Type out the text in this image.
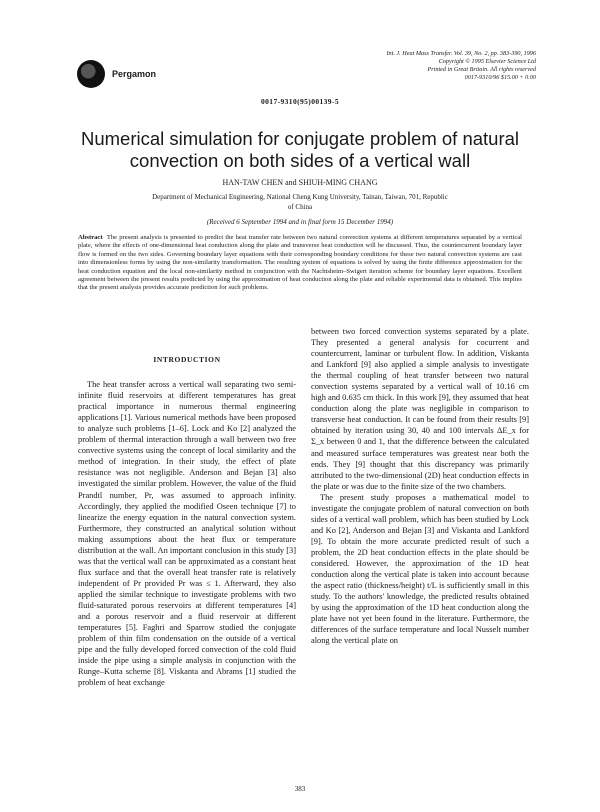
Pergamon
Int. J. Heat Mass Transfer. Vol. 39, No. 2, pp. 383-390, 1996
Copyright © 1995 Elsevier Science Ltd
Printed in Great Britain. All rights reserved
0017-9310/96 $15.00 + 0.00
0017-9310(95)00139-5
Numerical simulation for conjugate problem of natural convection on both sides of a vertical wall
HAN-TAW CHEN and SHIUH-MING CHANG
Department of Mechanical Engineering, National Cheng Kung University, Tainan, Taiwan, 701, Republic of China
(Received 6 September 1994 and in final form 15 December 1994)
Abstract The present analysis is presented to predict the heat transfer rate between two natural convection systems at different temperatures separated by a vertical plate, where the effects of one-dimensional heat conduction along the plate and transverse heat conduction will be discussed. Thus, the countercurrent boundary layer flow is formed on the two sides. Governing boundary layer equations with their corresponding boundary conditions for these two natural convection systems are cast into dimensionless forms by using the non-similarity transformation. The resulting system of equations is solved by using the finite difference approximation for the heat conduction equation and the local non-similarity method in conjunction with the Nachtsheim–Swigert iteration scheme for boundary layer equations. Excellent agreement between the present results predicted by using the approximation of heat conduction along the plate and reliable experimental data is obtained. This implies that the present analysis provides accurate prediction for such problems.
INTRODUCTION

The heat transfer across a vertical wall separating two semi-infinite fluid reservoirs at different temperatures has great practical importance in numerous thermal engineering applications [1]. Various numerical methods have been proposed to analyze such problems [1–6]. Lock and Ko [2] analyzed the problem of thermal interaction through a wall between two free convective systems using the concept of local similarity and the method of integration. In their study, the effect of plate resistance was not negligible. Anderson and Bejan [3] also investigated the similar problem. However, the value of the fluid Prandtl number, Pr, was assumed to approach infinity. Accordingly, they applied the modified Oseen technique [7] to linearize the energy equation in the natural convection system. Furthermore, they constructed an analytical solution without making assumptions about the heat flux or temperature distribution at the wall. An important conclusion in this study [3] was that the vertical wall can be approximated as a constant heat flux surface and that the overall heat transfer rate is relatively independent of Pr provided Pr was ≤ 1. Afterward, they also applied the similar technique to investigate problems with two fluid-saturated porous reservoirs at different temperatures [4] and a porous reservoir and a fluid reservoir at different temperatures [5]. Faghri and Sparrow studied the conjugate problem of thin film condensation on the outside of a vertical pipe and the fully developed forced convection of the cold fluid inside the pipe using a simple analysis in conjunction with the Runge–Kutta scheme [8]. Viskanta and Abrams [1] studied the problem of heat exchange

between two forced convection systems separated by a plate. They presented a general analysis for cocurrent and countercurrent, laminar or turbulent flow. In addition, Viskanta and Lankford [9] also applied a simple analysis to investigate the thermal coupling of heat transfer between two natural convection systems separated by a vertical wall of 10.16 cm high and 0.635 cm thick. In this work [9], they assumed that heat conduction along the plate was negligible in comparison to transverse heat conduction. It can be found from their results [9] obtained by iteration using 30, 40 and 100 intervals ΔE_x for Σ_x between 0 and 1, that the difference between the calculated and measured surface temperatures was greatest near both the ends. They [9] thought that this discrepancy was primarily attributed to the two-dimensional (2D) heat conduction effects in the plate or was due to the finite size of the two chambers.

The present study proposes a mathematical model to investigate the conjugate problem of natural convection on both sides of a vertical wall problem, which has been studied by Lock and Ko [2], Anderson and Bejan [3] and Viskanta and Lankford [9]. To obtain the more accurate predicted result of such a problem, the 2D heat conduction effects in the plate should be considered. However, the approximation of the 1D heat conduction along the vertical plate is taken into account because the aspect ratio (thickness/height) t/L is sufficiently small in this study. To the authors' knowledge, the predicted results obtained by using the approximation of the 1D heat conduction along the plate have not yet been found in the literature. Furthermore, the differences of the surface temperature and local Nusselt number along the vertical plate on

383
